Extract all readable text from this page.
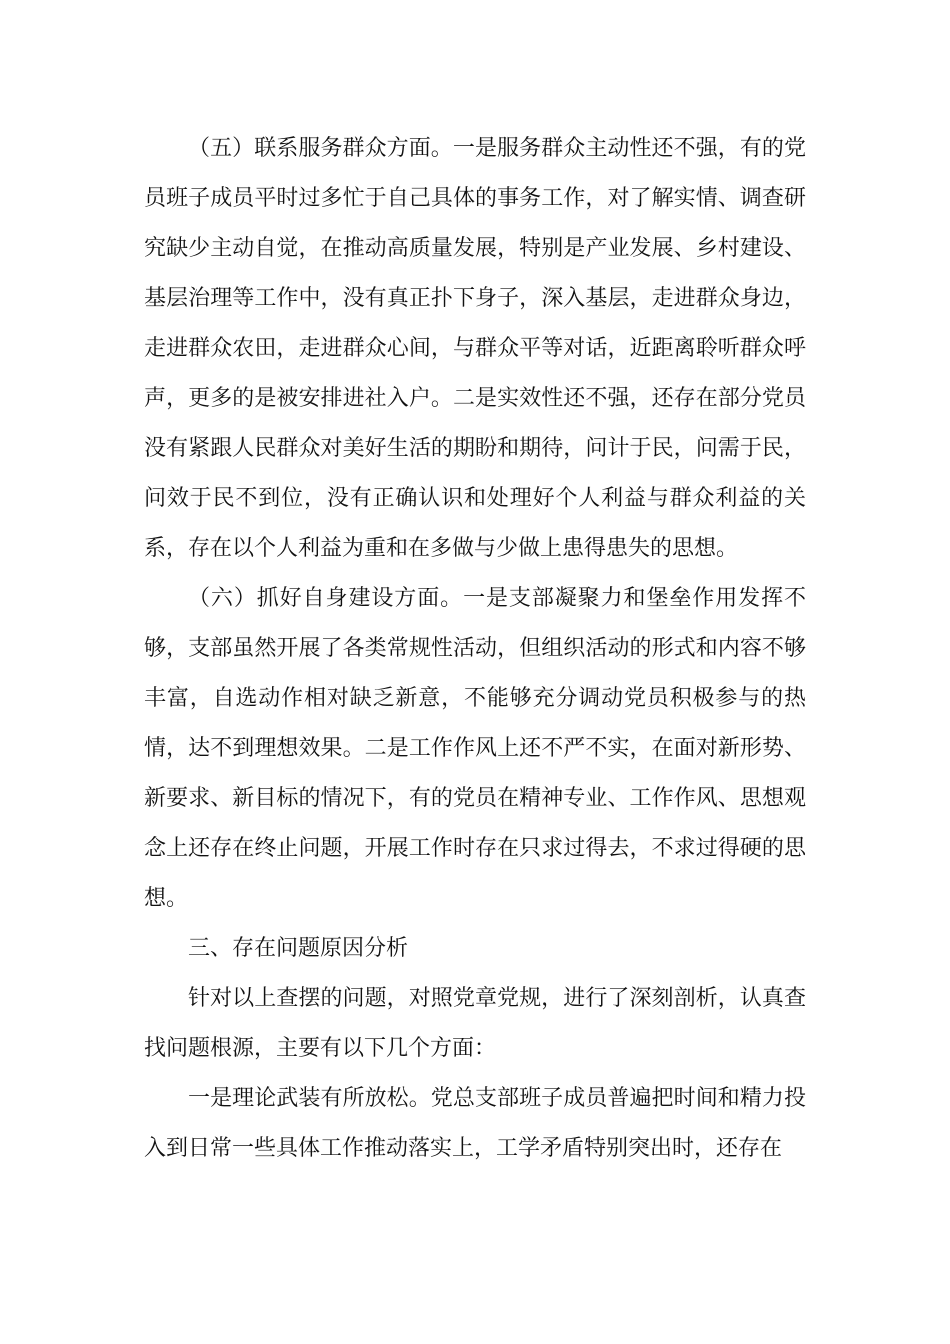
（五）联系服务群众方面。一是服务群众主动性还不强，有的党员班子成员平时过多忙于自己具体的事务工作，对了解实情、调查研究缺少主动自觉，在推动高质量发展，特别是产业发展、乡村建设、基层治理等工作中，没有真正扑下身子，深入基层，走进群众身边，走进群众农田，走进群众心间，与群众平等对话，近距离聆听群众呼声，更多的是被安排进社入户。二是实效性还不强，还存在部分党员没有紧跟人民群众对美好生活的期盼和期待，问计于民，问需于民，问效于民不到位，没有正确认识和处理好个人利益与群众利益的关系，存在以个人利益为重和在多做与少做上患得患失的思想。

（六）抓好自身建设方面。一是支部凝聚力和堡垒作用发挥不够，支部虽然开展了各类常规性活动，但组织活动的形式和内容不够丰富，自选动作相对缺乏新意，不能够充分调动党员积极参与的热情，达不到理想效果。二是工作作风上还不严不实，在面对新形势、新要求、新目标的情况下，有的党员在精神专业、工作作风、思想观念上还存在终止问题，开展工作时存在只求过得去，不求过得硬的思想。

三、存在问题原因分析

针对以上查摆的问题，对照党章党规，进行了深刻剖析，认真查找问题根源，主要有以下几个方面：

一是理论武装有所放松。党总支部班子成员普遍把时间和精力投入到日常一些具体工作推动落实上，工学矛盾特别突出时，还存在
